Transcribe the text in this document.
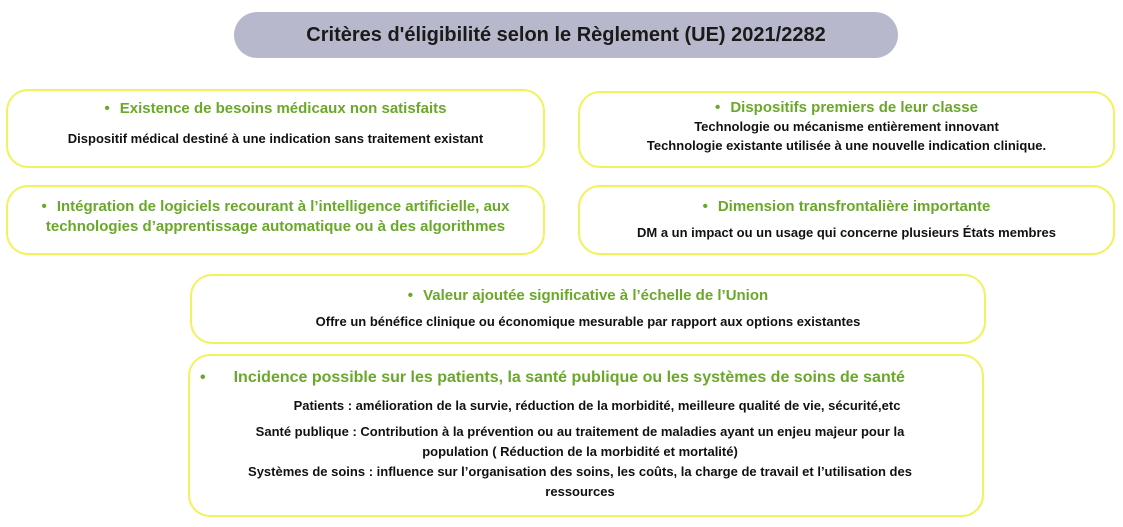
Critères d'éligibilité selon le Règlement (UE) 2021/2282
• Existence de besoins médicaux non satisfaits
Dispositif médical destiné à une indication sans traitement existant
• Dispositifs premiers de leur classe
Technologie ou mécanisme entièrement innovant
Technologie existante utilisée à une nouvelle indication clinique.
• Intégration de logiciels recourant à l’intelligence artificielle, aux technologies d’apprentissage automatique ou à des algorithmes
• Dimension transfrontalière importante
DM a un impact ou un usage qui concerne plusieurs États membres
• Valeur ajoutée significative à l’échelle de l’Union
Offre un bénéfice clinique ou économique mesurable par rapport aux options existantes
• Incidence possible sur les patients, la santé publique ou les systèmes de soins de santé
Patients : amélioration de la survie, réduction de la morbidité, meilleure qualité de vie, sécurité,etc
Santé publique : Contribution à la prévention ou au traitement de maladies ayant un enjeu majeur pour la population ( Réduction de la morbidité et mortalité)
Systèmes de soins : influence sur l’organisation des soins, les coûts, la charge de travail et l’utilisation des ressources
